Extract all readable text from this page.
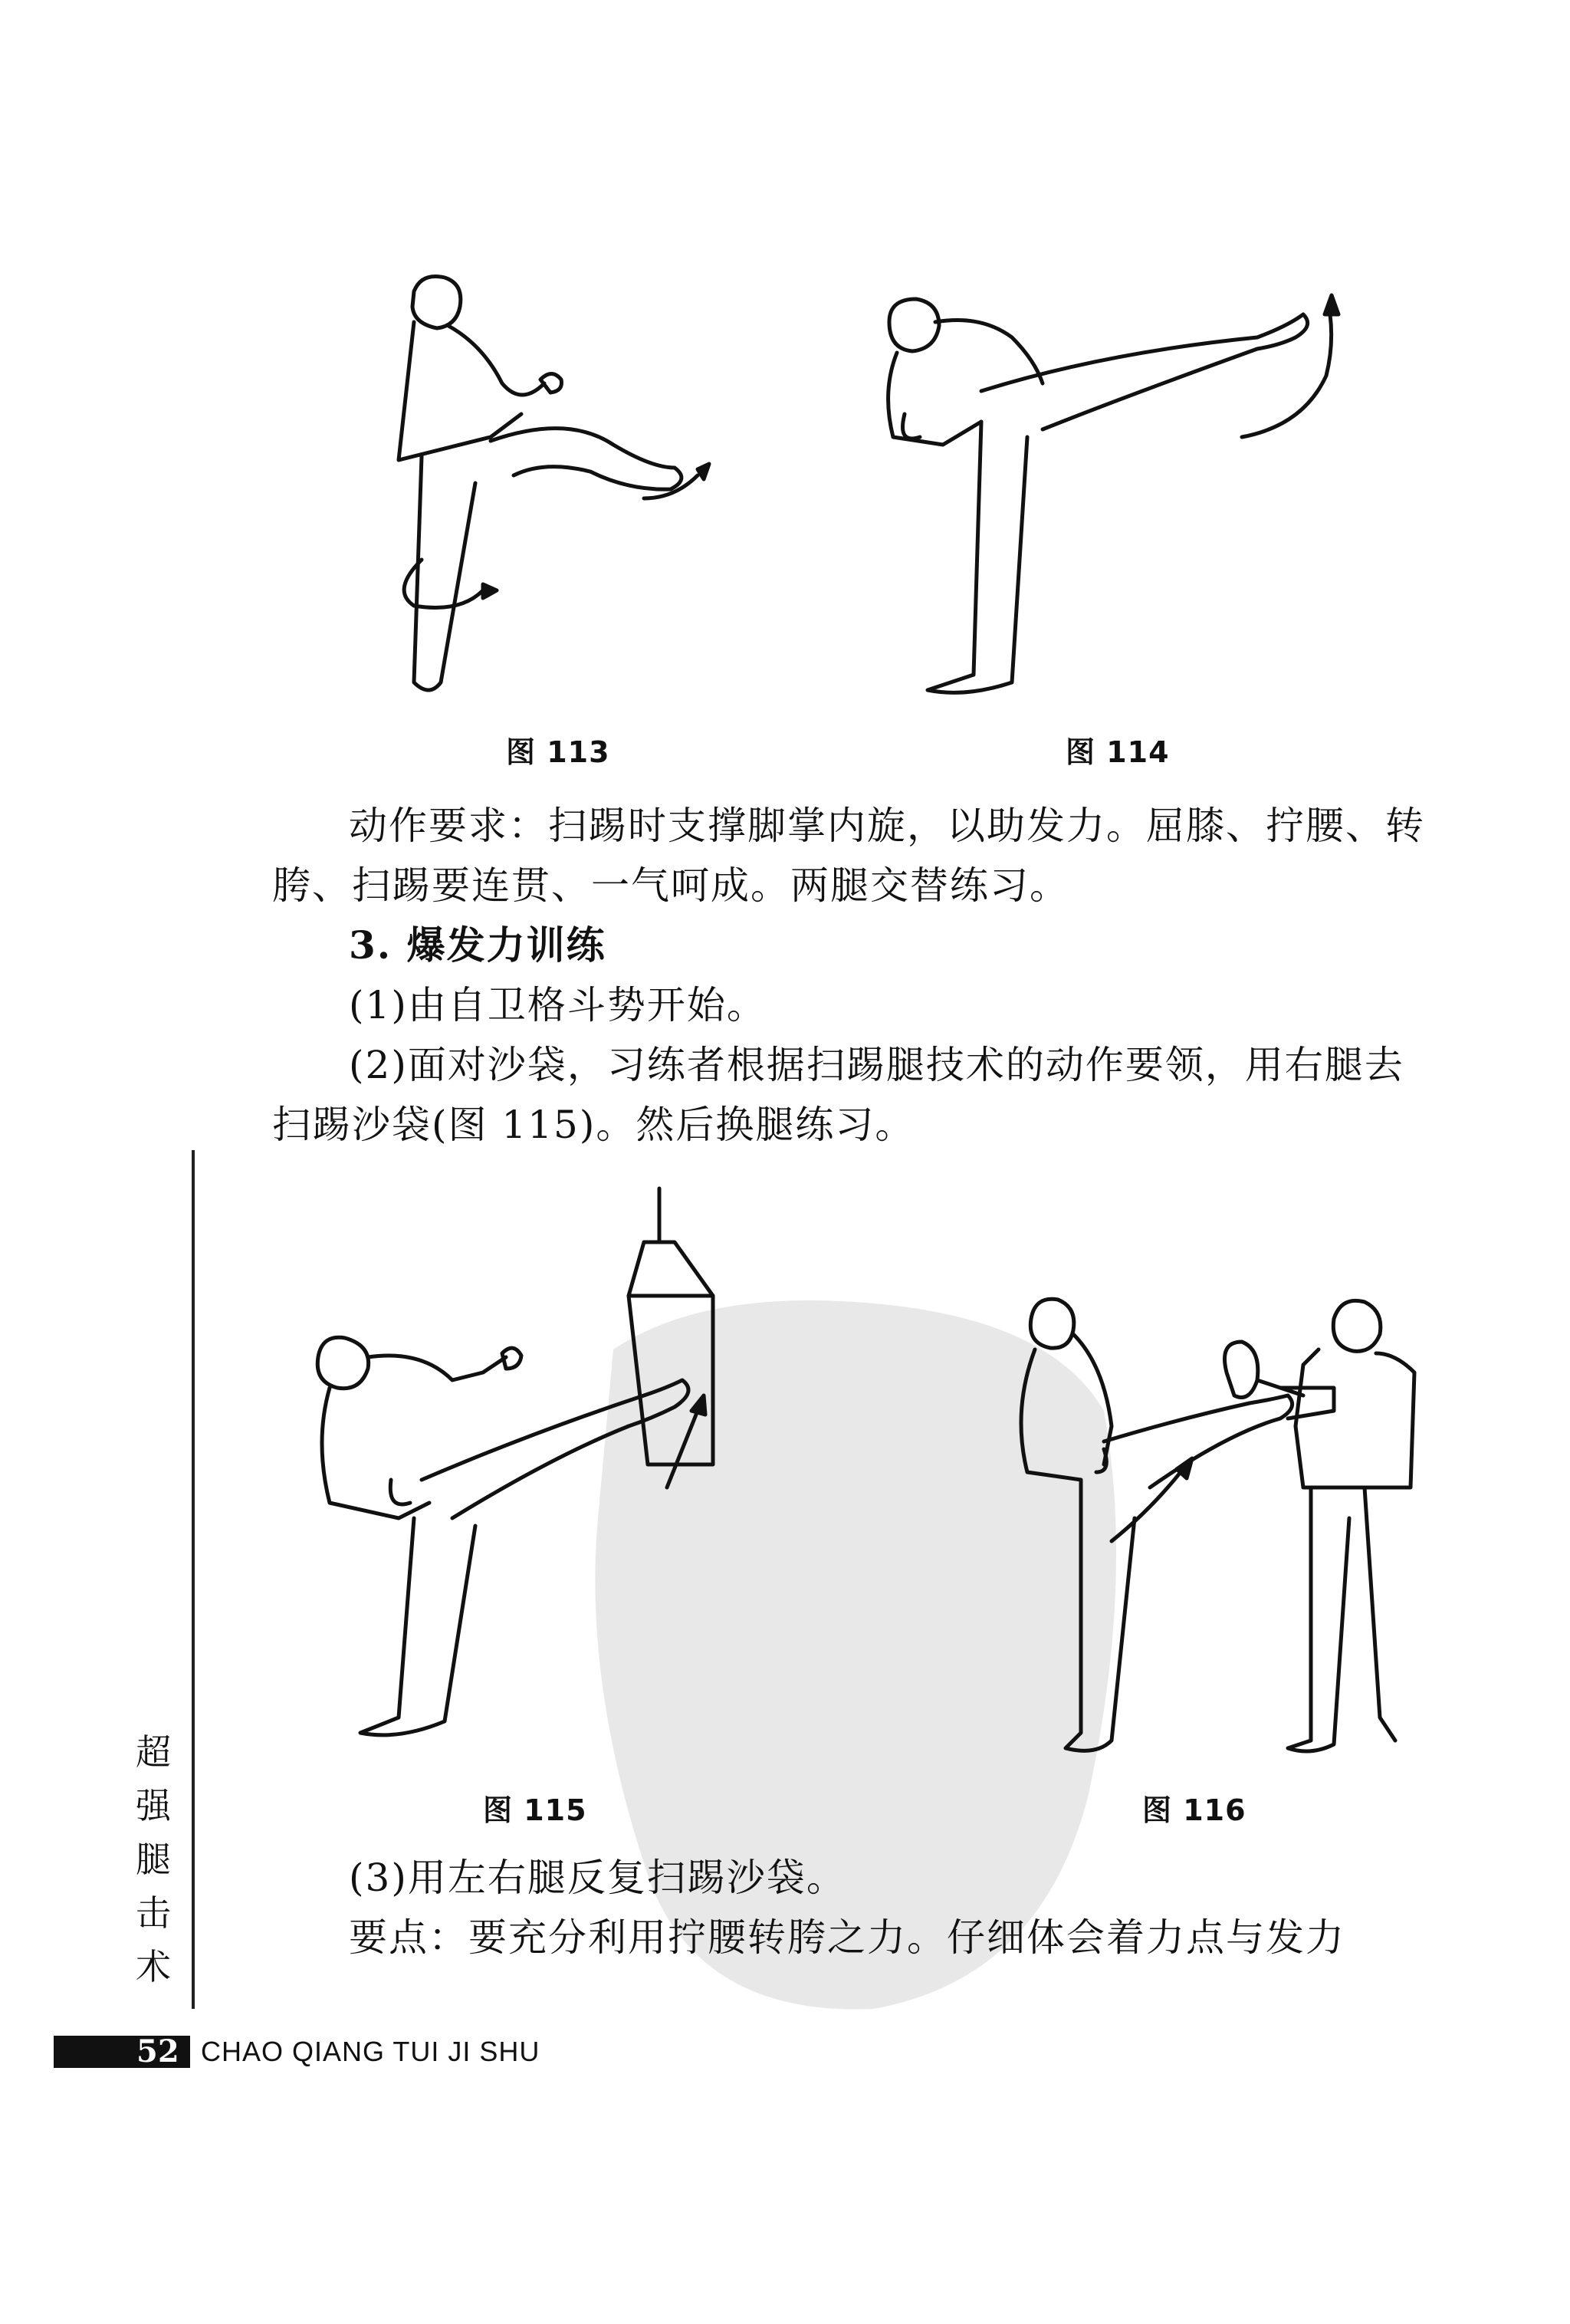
图 113	图 114
动作要求：扫踢时支撑脚掌内旋，以助发力。屈膝、拧腰、转
胯、扫踢要连贯、一气呵成。两腿交替练习。
3. 爆发力训练
(1)由自卫格斗势开始。
(2)面对沙袋，习练者根据扫踢腿技术的动作要领，用右腿去
扫踢沙袋(图 115)。然后换腿练习。
图 115	图 116
超
强
腿
击
术
(3)用左右腿反复扫踢沙袋。
要点：要充分利用拧腰转胯之力。仔细体会着力点与发力
52 CHAO QIANG TUI JI SHU
